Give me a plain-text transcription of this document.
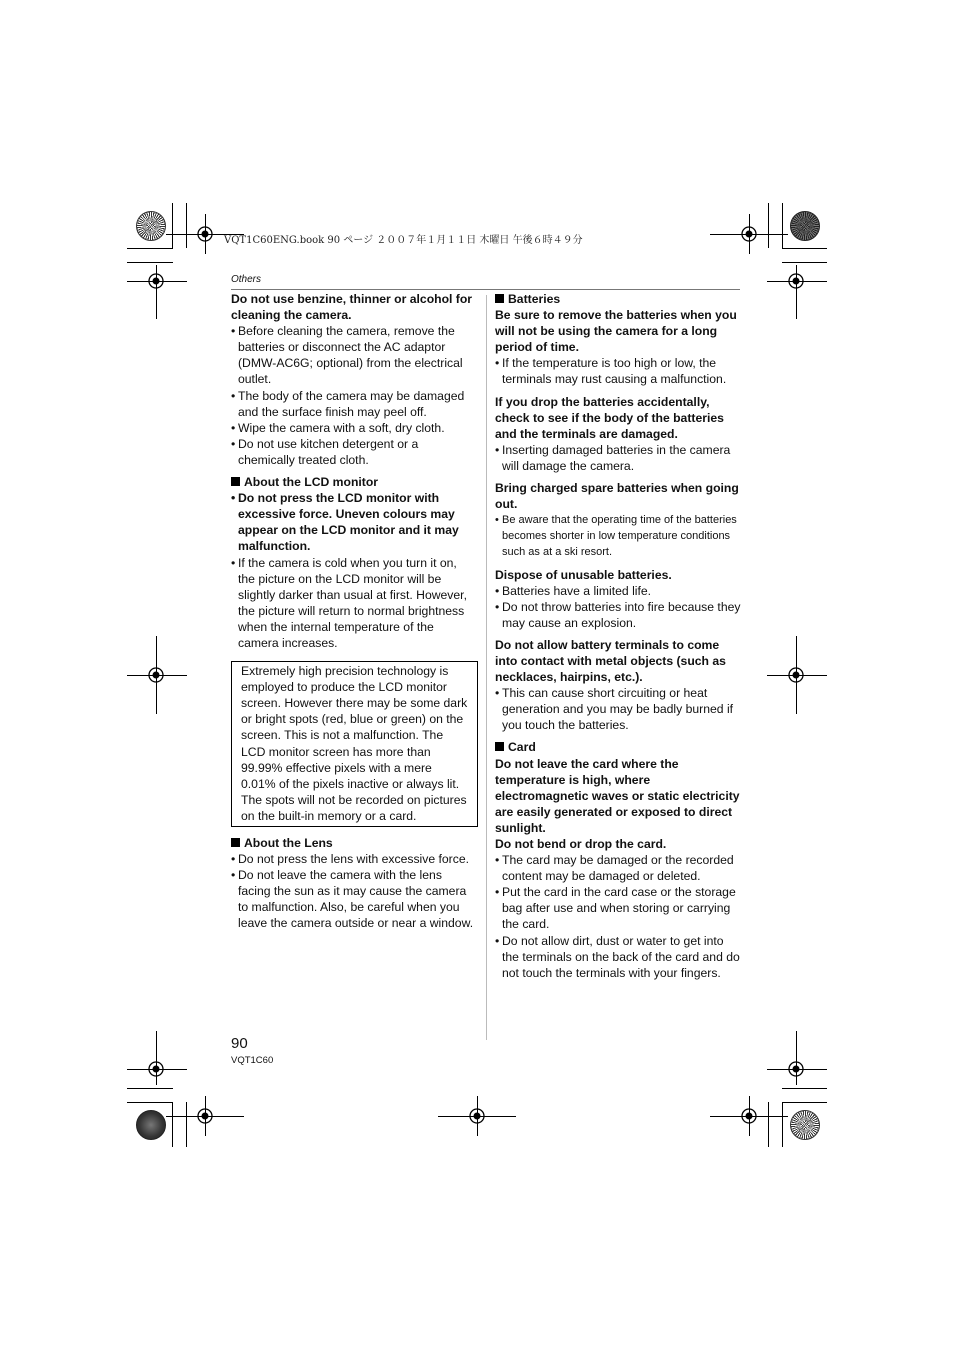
VQT1C60ENG.book 90 ページ ２００７年１月１１日 木曜日 午後６時４９分
Others

Do not use benzine, thinner or alcohol for cleaning the camera.

• Before cleaning the camera, remove the batteries or disconnect the AC adaptor (DMW-AC6G; optional) from the electrical outlet.

• The body of the camera may be damaged and the surface finish may peel off.

• Wipe the camera with a soft, dry cloth.

• Do not use kitchen detergent or a chemically treated cloth.

About the LCD monitor

• Do not press the LCD monitor with excessive force. Uneven colours may appear on the LCD monitor and it may malfunction.

• If the camera is cold when you turn it on, the picture on the LCD monitor will be slightly darker than usual at first. However, the picture will return to normal brightness when the internal temperature of the camera increases.

Extremely high precision technology is employed to produce the LCD monitor screen. However there may be some dark or bright spots (red, blue or green) on the screen. This is not a malfunction. The LCD monitor screen has more than 99.99% effective pixels with a mere 0.01% of the pixels inactive or always lit. The spots will not be recorded on pictures on the built-in memory or a card.

About the Lens

• Do not press the lens with excessive force.

• Do not leave the camera with the lens facing the sun as it may cause the camera to malfunction. Also, be careful when you leave the camera outside or near a window.

Batteries

Be sure to remove the batteries when you will not be using the camera for a long period of time.

• If the temperature is too high or low, the terminals may rust causing a malfunction.

If you drop the batteries accidentally, check to see if the body of the batteries and the terminals are damaged.

• Inserting damaged batteries in the camera will damage the camera.

Bring charged spare batteries when going out.

• Be aware that the operating time of the batteries becomes shorter in low temperature conditions such as at a ski resort.

Dispose of unusable batteries.

• Batteries have a limited life.

• Do not throw batteries into fire because they may cause an explosion.

Do not allow battery terminals to come into contact with metal objects (such as necklaces, hairpins, etc.).

• This can cause short circuiting or heat generation and you may be badly burned if you touch the batteries.

Card

Do not leave the card where the temperature is high, where electromagnetic waves or static electricity are easily generated or exposed to direct sunlight.

Do not bend or drop the card.

• The card may be damaged or the recorded content may be damaged or deleted.

• Put the card in the card case or the storage bag after use and when storing or carrying the card.

• Do not allow dirt, dust or water to get into the terminals on the back of the card and do not touch the terminals with your fingers.

90
VQT1C60
